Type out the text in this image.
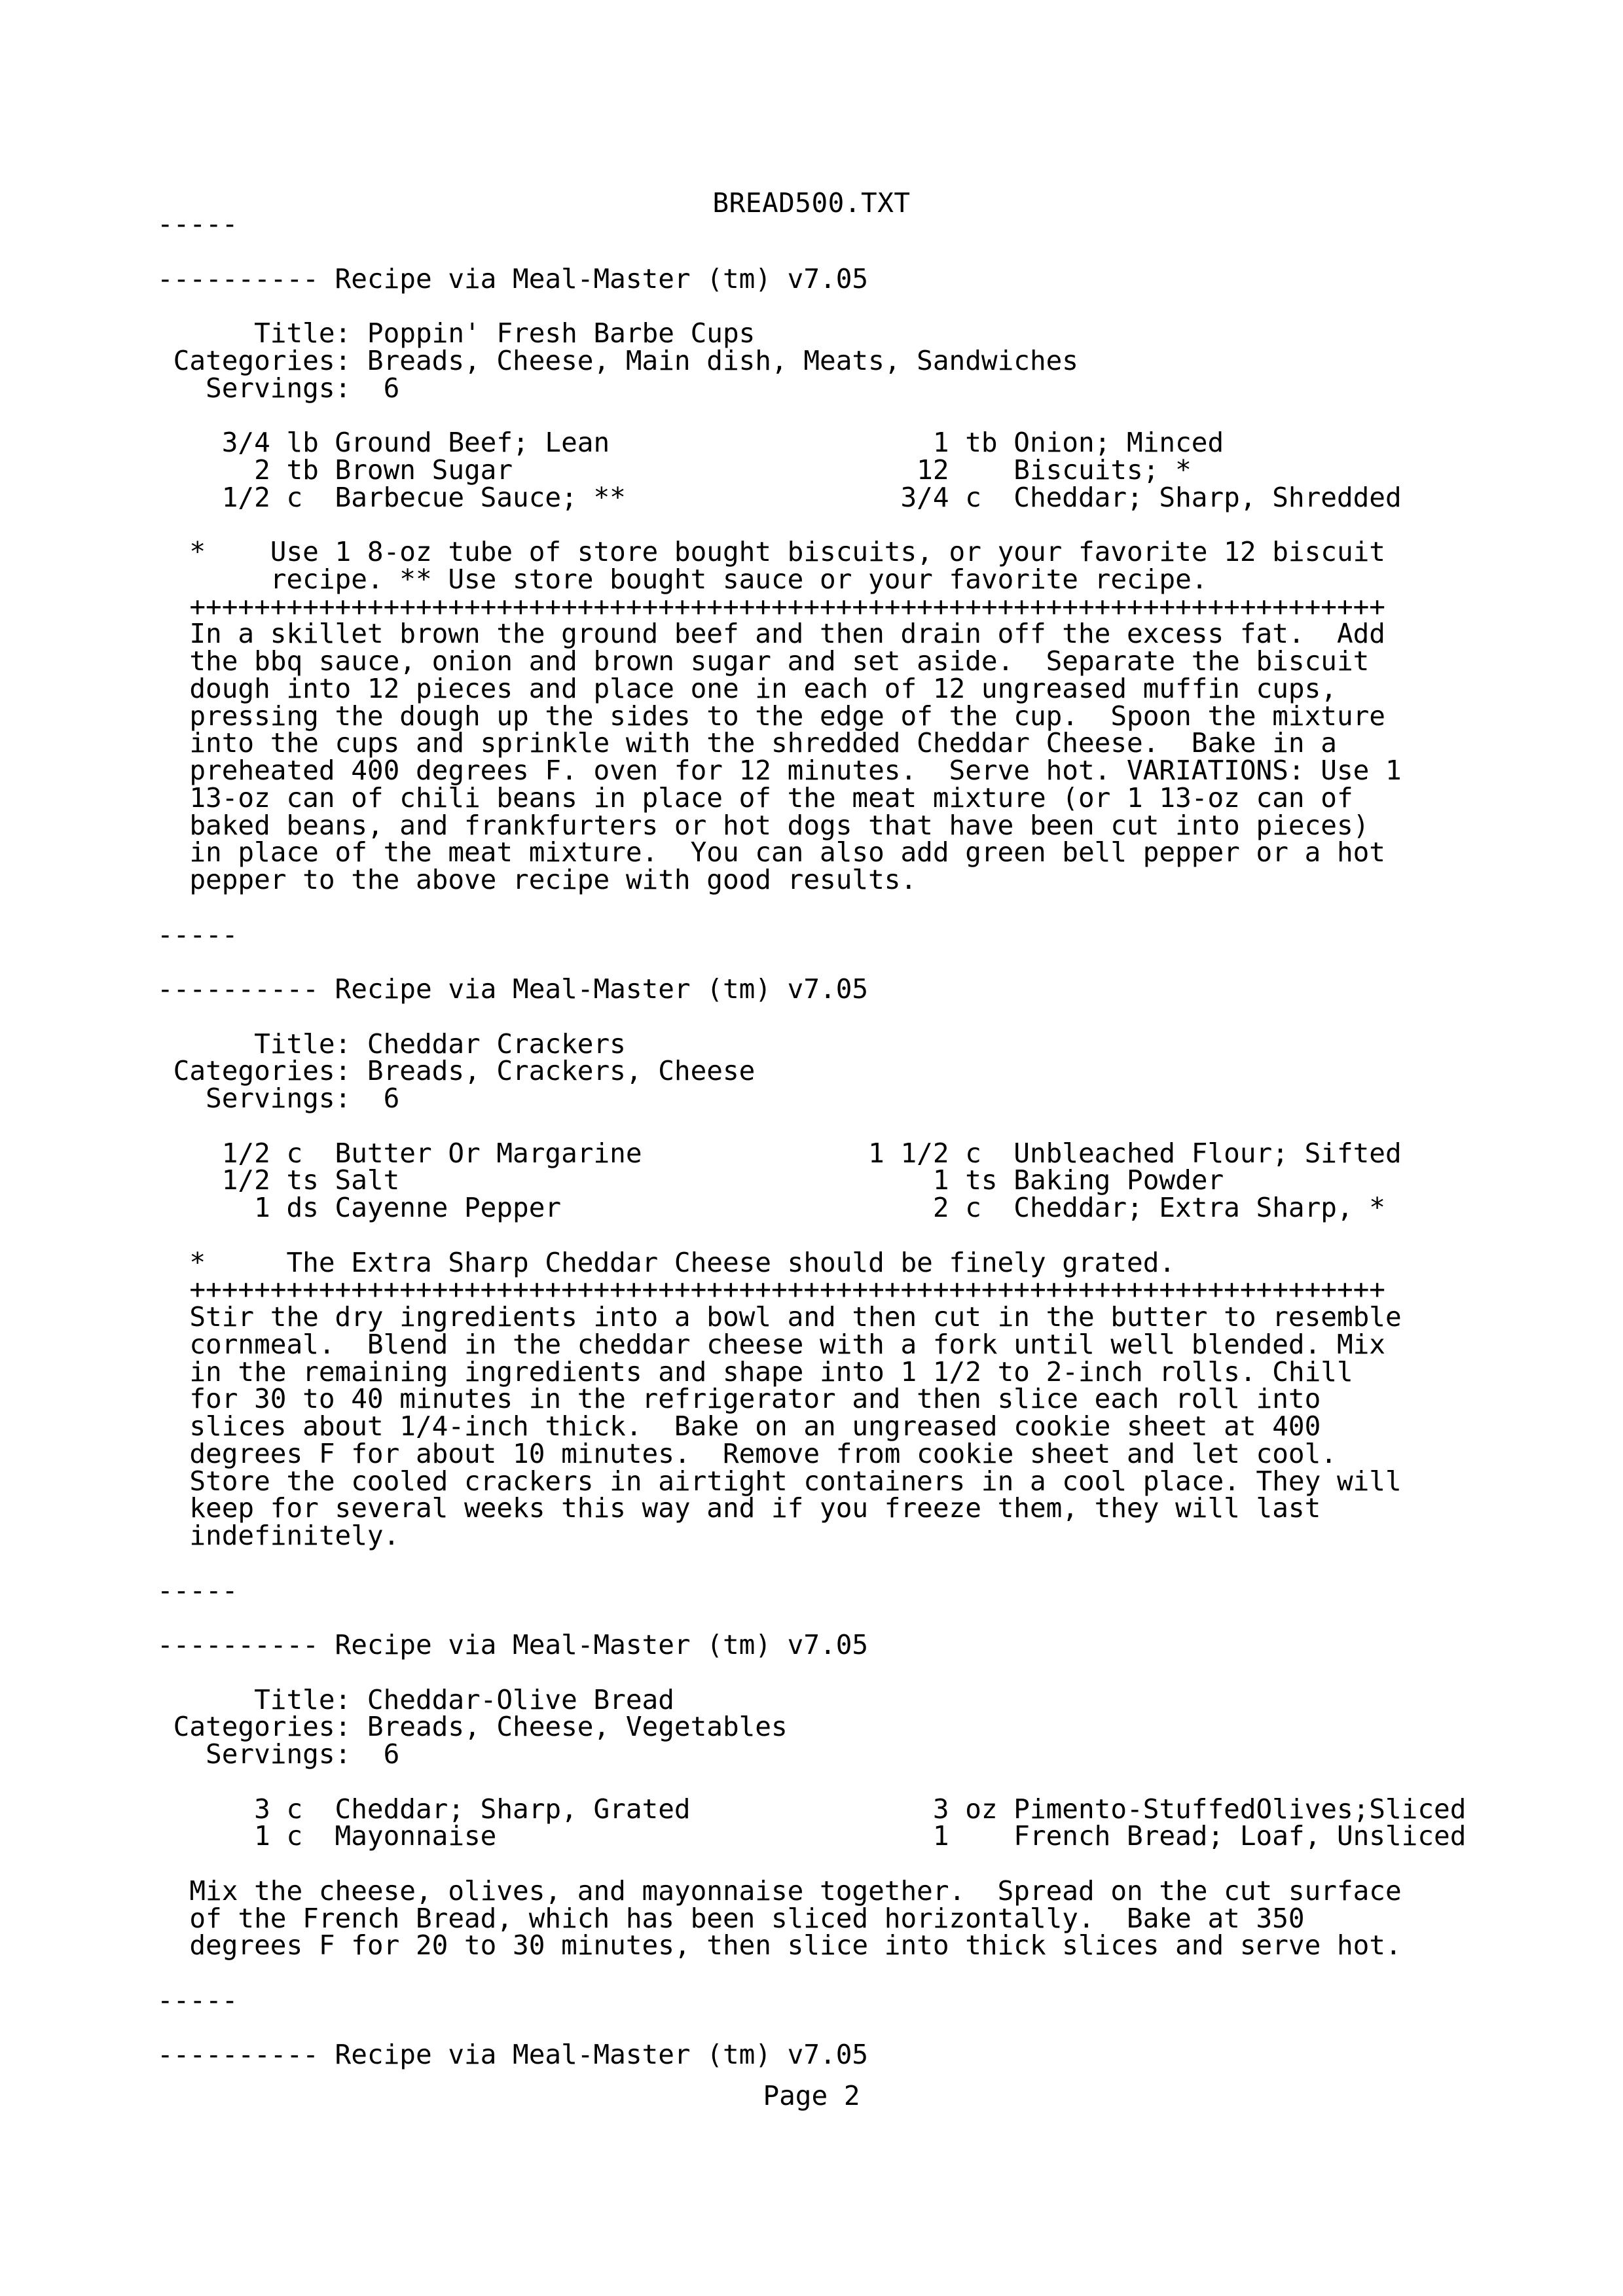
BREAD500.TXT
-----
---------- Recipe via Meal-Master (tm) v7.05
Title: Poppin' Fresh Barbe Cups
Categories: Breads, Cheese, Main dish, Meats, Sandwiches
Servings:  6
3/4 lb Ground Beef; Lean                    1 tb Onion; Minced
2 tb Brown Sugar                         12    Biscuits; *
1/2 c  Barbecue Sauce; **                 3/4 c  Cheddar; Sharp, Shredded
*    Use 1 8-oz tube of store bought biscuits, or your favorite 12 biscuit
recipe. ** Use store bought sauce or your favorite recipe.
++++++++++++++++++++++++++++++++++++++++++++++++++++++++++++++++++++++++++
In a skillet brown the ground beef and then drain off the excess fat.  Add
the bbq sauce, onion and brown sugar and set aside.  Separate the biscuit
dough into 12 pieces and place one in each of 12 ungreased muffin cups,
pressing the dough up the sides to the edge of the cup.  Spoon the mixture
into the cups and sprinkle with the shredded Cheddar Cheese.  Bake in a
preheated 400 degrees F. oven for 12 minutes.  Serve hot. VARIATIONS: Use 1
13-oz can of chili beans in place of the meat mixture (or 1 13-oz can of
baked beans, and frankfurters or hot dogs that have been cut into pieces)
in place of the meat mixture.  You can also add green bell pepper or a hot
pepper to the above recipe with good results.
-----
---------- Recipe via Meal-Master (tm) v7.05
Title: Cheddar Crackers
Categories: Breads, Crackers, Cheese
Servings:  6
1/2 c  Butter Or Margarine              1 1/2 c  Unbleached Flour; Sifted
1/2 ts Salt                                 1 ts Baking Powder
1 ds Cayenne Pepper                       2 c  Cheddar; Extra Sharp, *
*     The Extra Sharp Cheddar Cheese should be finely grated.
++++++++++++++++++++++++++++++++++++++++++++++++++++++++++++++++++++++++++
Stir the dry ingredients into a bowl and then cut in the butter to resemble
cornmeal.  Blend in the cheddar cheese with a fork until well blended. Mix
in the remaining ingredients and shape into 1 1/2 to 2-inch rolls. Chill
for 30 to 40 minutes in the refrigerator and then slice each roll into
slices about 1/4-inch thick.  Bake on an ungreased cookie sheet at 400
degrees F for about 10 minutes.  Remove from cookie sheet and let cool.
Store the cooled crackers in airtight containers in a cool place. They will
keep for several weeks this way and if you freeze them, they will last
indefinitely.
-----
---------- Recipe via Meal-Master (tm) v7.05
Title: Cheddar-Olive Bread
Categories: Breads, Cheese, Vegetables
Servings:  6
3 c  Cheddar; Sharp, Grated               3 oz Pimento-StuffedOlives;Sliced
1 c  Mayonnaise                           1    French Bread; Loaf, Unsliced
Mix the cheese, olives, and mayonnaise together.  Spread on the cut surface
of the French Bread, which has been sliced horizontally.  Bake at 350
degrees F for 20 to 30 minutes, then slice into thick slices and serve hot.
-----
---------- Recipe via Meal-Master (tm) v7.05
Page 2
